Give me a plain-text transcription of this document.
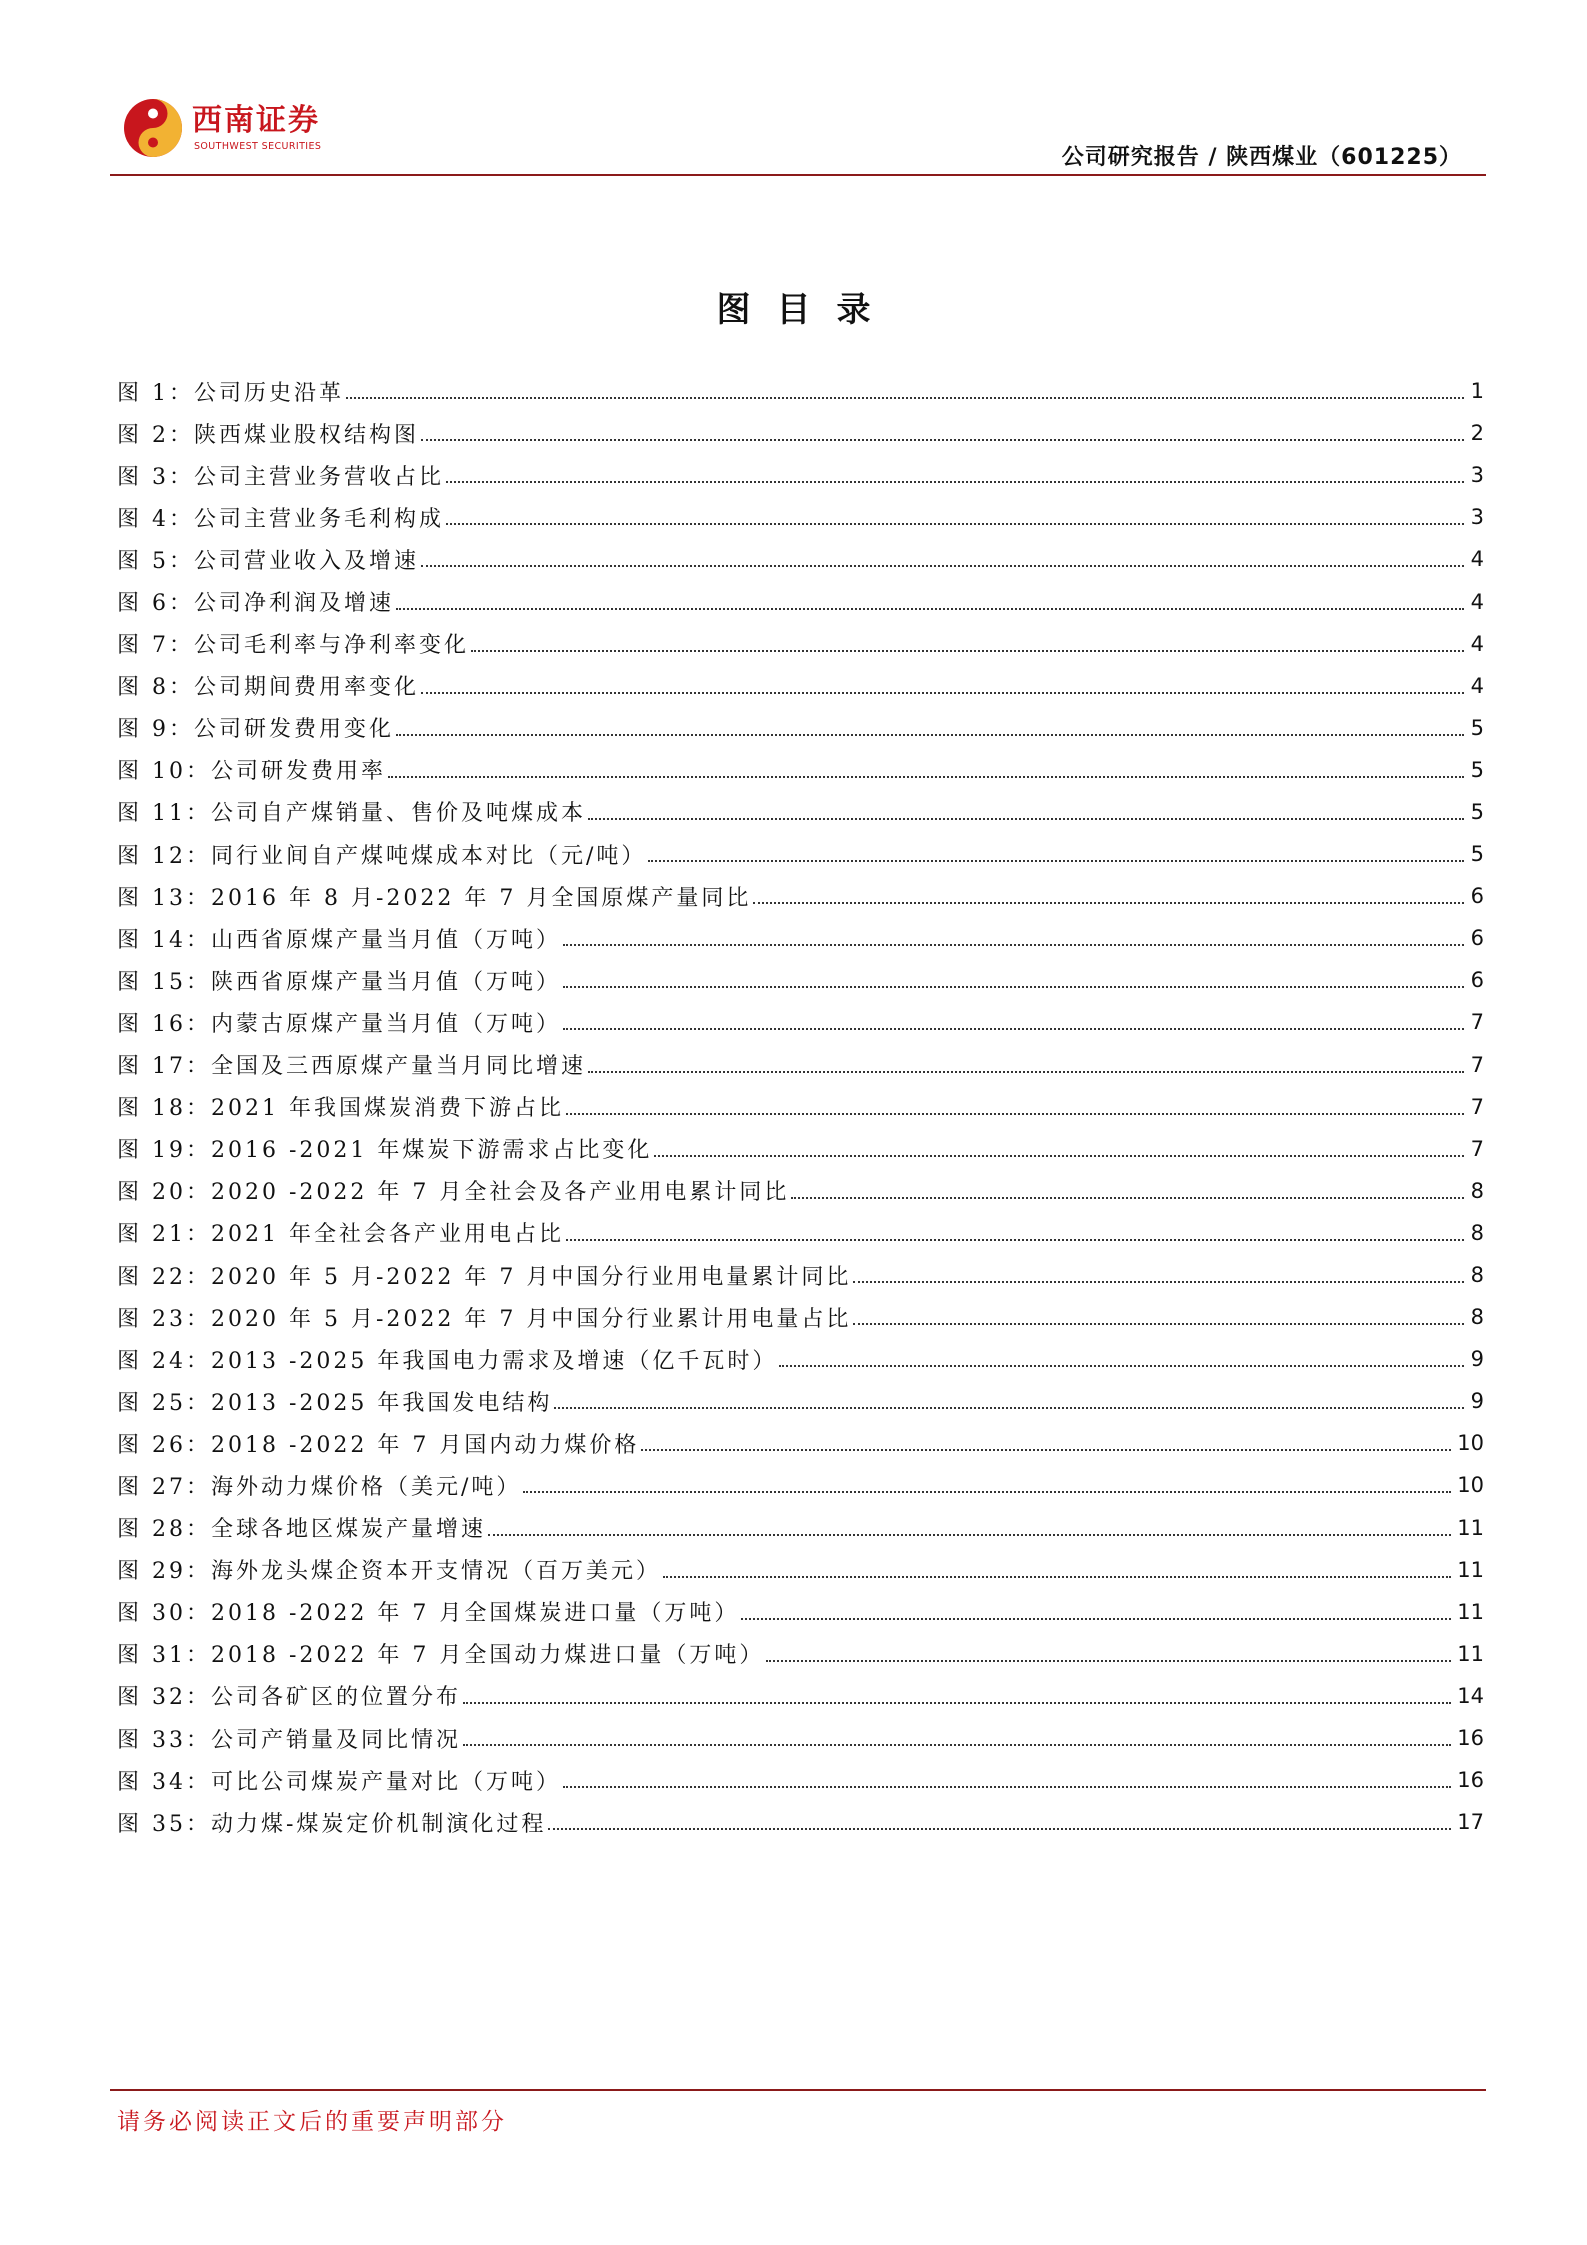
西南证券
SOUTHWEST SECURITIES	公司研究报告 / 陕西煤业（601225）
图目录
图 1：公司历史沿革	1
图 2：陕西煤业股权结构图	2
图 3：公司主营业务营收占比	3
图 4：公司主营业务毛利构成	3
图 5：公司营业收入及增速	4
图 6：公司净利润及增速	4
图 7：公司毛利率与净利率变化	4
图 8：公司期间费用率变化	4
图 9：公司研发费用变化	5
图 10：公司研发费用率	5
图 11：公司自产煤销量、售价及吨煤成本	5
图 12：同行业间自产煤吨煤成本对比（元/吨）	5
图 13：2016 年 8 月-2022 年 7 月全国原煤产量同比	6
图 14：山西省原煤产量当月值（万吨）	6
图 15：陕西省原煤产量当月值（万吨）	6
图 16：内蒙古原煤产量当月值（万吨）	7
图 17：全国及三西原煤产量当月同比增速	7
图 18：2021 年我国煤炭消费下游占比	7
图 19：2016 -2021 年煤炭下游需求占比变化	7
图 20：2020 -2022 年 7 月全社会及各产业用电累计同比	8
图 21：2021 年全社会各产业用电占比	8
图 22：2020 年 5 月-2022 年 7 月中国分行业用电量累计同比	8
图 23：2020 年 5 月-2022 年 7 月中国分行业累计用电量占比	8
图 24：2013 -2025 年我国电力需求及增速（亿千瓦时）	9
图 25：2013 -2025 年我国发电结构	9
图 26：2018 -2022 年 7 月国内动力煤价格	10
图 27：海外动力煤价格（美元/吨）	10
图 28：全球各地区煤炭产量增速	11
图 29：海外龙头煤企资本开支情况（百万美元）	11
图 30：2018 -2022 年 7 月全国煤炭进口量（万吨）	11
图 31：2018 -2022 年 7 月全国动力煤进口量（万吨）	11
图 32：公司各矿区的位置分布	14
图 33：公司产销量及同比情况	16
图 34：可比公司煤炭产量对比（万吨）	16
图 35：动力煤-煤炭定价机制演化过程	17
请务必阅读正文后的重要声明部分
